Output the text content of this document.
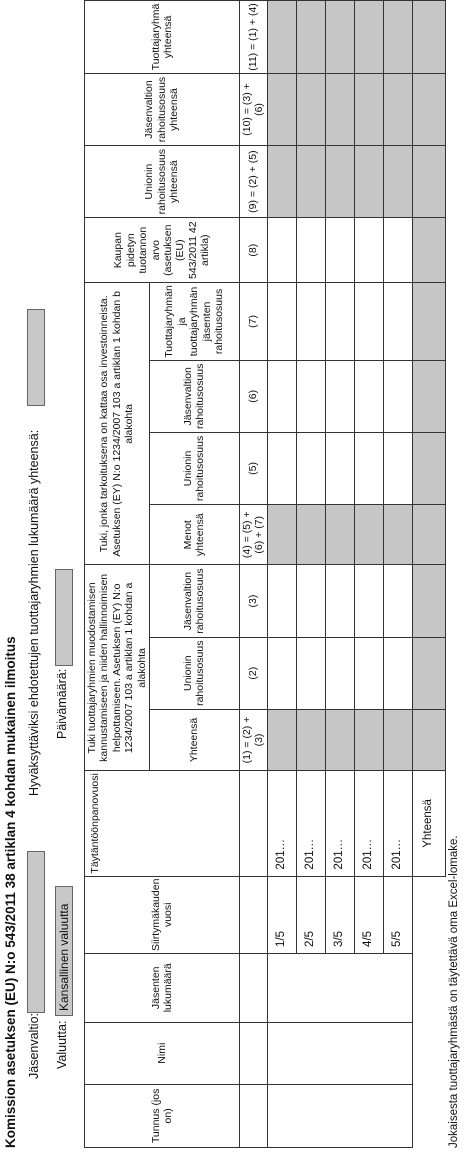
Komission asetuksen (EU) N:o 543/2011 38 artiklan 4 kohdan mukainen ilmoitus Jäsenvaltio: Valuutta:
Kansallinen valuutta
Hyväksyttäviksi ehdotettujen tuottajaryhmien lukumäärä yhteensä: Päivämäärä:
Tunnus (jos on)	Nimi	Jäsenten lukumäärä	Siirtymäkauden vuosi	Täytäntöönpanovuosi	Tuki tuottajaryhmien muodostamisen kannustamiseen ja niiden hallinnoimisen helpottamiseen. Asetuksen (EY) N:o 1234/2007 103 a artiklan 1 kohdan a alakohta			Tuki, jonka tarkoituksena on kattaa osa investoinneista. Asetuksen (EY) N:o 1234/2007 103 a artiklan 1 kohdan b alakohta				Kaupan pidetyn tuotannon arvo (asetuksen (EU) 543/2011 42 artikla)	Unionin rahoitusosuus yhteensä	Jäsenvaltion rahoitusosuus yhteensä	Tuottajaryhmä yhteensä
					Yhteensä	Unionin rahoitusosuus	Jäsenvaltion rahoitusosuus	Menot yhteensä	Unionin rahoitusosuus	Jäsenvaltion rahoitusosuus	Tuottajaryhmän ja tuottajaryhmän jäsenten rahoitusosuus				
					(1) = (2) + (3)	(2)	(3)	(4) = (5) + (6) + (7)	(5)	(6)	(7)	(8)	(9) = (2) + (5)	(10) = (3) + (6)	(11) = (1) + (4)
			1/5	201…											
			2/5	201…											
			3/5	201…											
			4/5	201…											
			5/5	201…											
				Yhteensä											
Jokaisesta tuottajaryhmästä on täytettävä oma Excel-lomake.
